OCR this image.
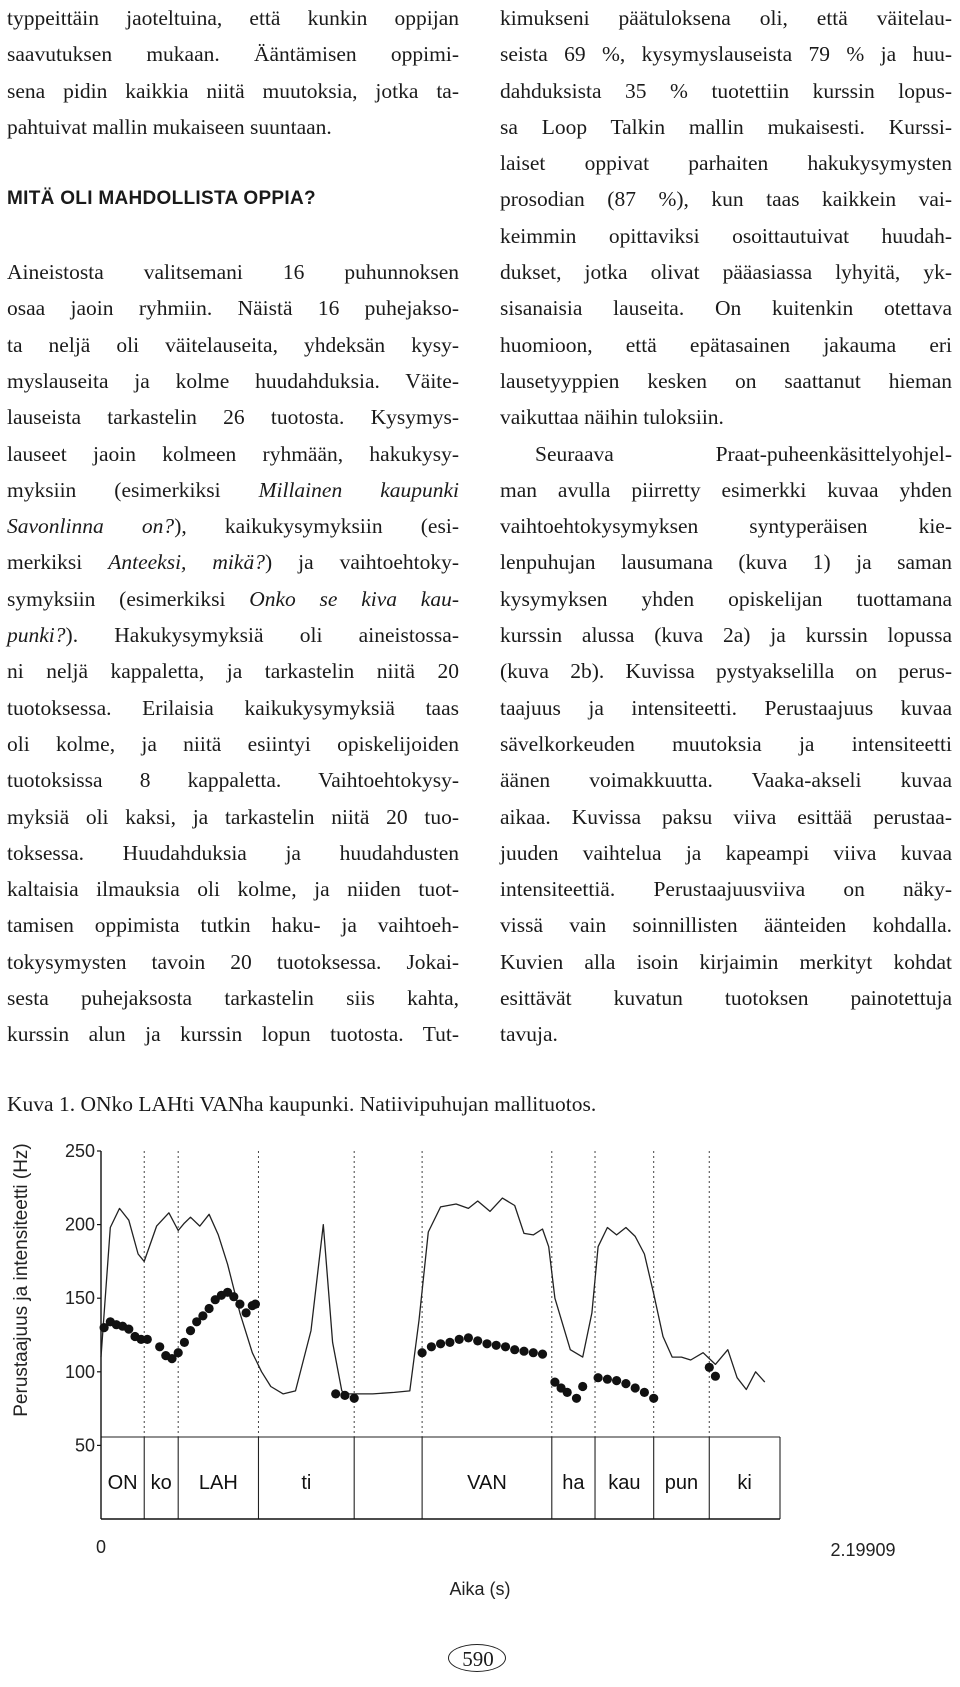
typpeittäin jaoteltuina, että kunkin oppijan
saavutuksen mukaan. Ääntämisen oppimi-
sena pidin kaikkia niitä muutoksia, jotka ta-
pahtuivat mallin mukaiseen suuntaan.
MITÄ OLI MAHDOLLISTA OPPIA?
Aineistosta valitsemani 16 puhunnoksen
osaa jaoin ryhmiin. Näistä 16 puhejakso-
ta neljä oli väitelauseita, yhdeksän kysy-
myslauseita ja kolme huudahduksia. Väite-
lauseista tarkastelin 26 tuotosta. Kysymys-
lauseet jaoin kolmeen ryhmään, hakukysy-
myksiin (esimerkiksi Millainen kaupunki
Savonlinna on?), kaikukysymyksiin (esi-
merkiksi Anteeksi, mikä?) ja vaihtoehtoky-
symyksiin (esimerkiksi Onko se kiva kau-
punki?). Hakukysymyksiä oli aineistossa-
ni neljä kappaletta, ja tarkastelin niitä 20
tuotoksessa. Erilaisia kaikukysymyksiä taas
oli kolme, ja niitä esiintyi opiskelijoiden
tuotoksissa 8 kappaletta. Vaihtoehtokysy-
myksiä oli kaksi, ja tarkastelin niitä 20 tuo-
toksessa. Huudahduksia ja huudahdusten
kaltaisia ilmauksia oli kolme, ja niiden tuot-
tamisen oppimista tutkin haku- ja vaihtoeh-
tokysymysten tavoin 20 tuotoksessa. Jokai-
sesta puhejaksosta tarkastelin siis kahta,
kurssin alun ja kurssin lopun tuotosta. Tut-
kimukseni päätuloksena oli, että väitelau-
seista 69 %, kysymyslauseista 79 % ja huu-
dahduksista 35 % tuotettiin kurssin lopus-
sa Loop Talkin mallin mukaisesti. Kurssi-
laiset oppivat parhaiten hakukysymysten
prosodian (87 %), kun taas kaikkein vai-
keimmin opittaviksi osoittautuivat huudah-
dukset, jotka olivat pääasiassa lyhyitä, yk-
sisanaisia lauseita. On kuitenkin otettava
huomioon, että epätasainen jakauma eri
lausetyyppien kesken on saattanut hieman
vaikuttaa näihin tuloksiin.
Seuraava Praat-puheenkäsittelyohjel-
man avulla piirretty esimerkki kuvaa yhden
vaihtoehtokysymyksen syntyperäisen kie-
lenpuhujan lausumana (kuva 1) ja saman
kysymyksen yhden opiskelijan tuottamana
kurssin alussa (kuva 2a) ja kurssin lopussa
(kuva 2b). Kuvissa pystyakselilla on perus-
taajuus ja intensiteetti. Perustaajuus kuvaa
sävelkorkeuden muutoksia ja intensiteetti
äänen voimakkuutta. Vaaka-akseli kuvaa
aikaa. Kuvissa paksu viiva esittää perustaa-
juuden vaihtelua ja kapeampi viiva kuvaa
intensiteettiä. Perustaajuusviiva on näky-
vissä vain soinnillisten äänteiden kohdalla.
Kuvien alla isoin kirjaimin merkityt kohdat
esittävät kuvatun tuotoksen painotettuja
tavuja.
Kuva 1. ONko LAHti VANha kaupunki. Natiivipuhujan mallituotos.
50
100
150
200
250
ON ko LAH	ti	VAN	ha kau pun ki
Perustaajuus ja intensiteetti (Hz)
0	2.19909
Aika (s)
590
